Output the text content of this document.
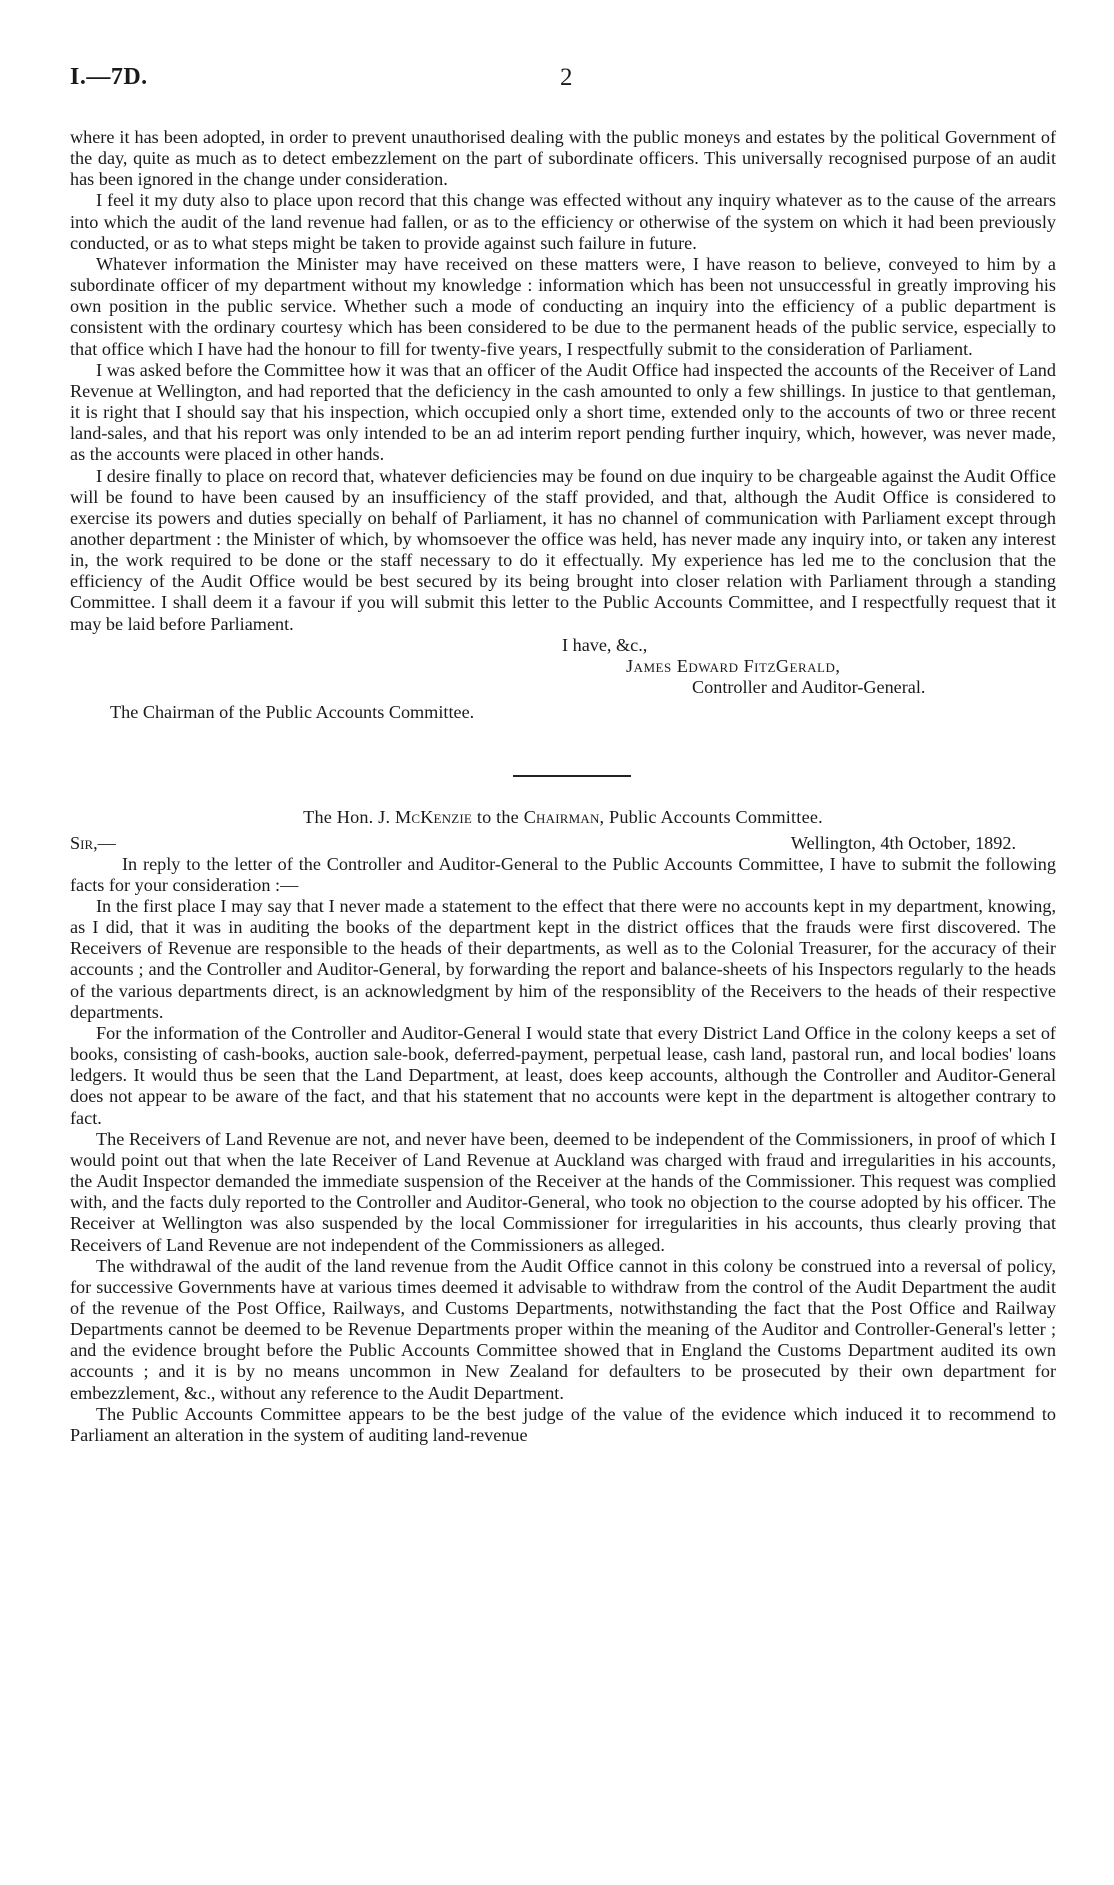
I.—7D.	2

where it has been adopted, in order to prevent unauthorised dealing with the public moneys and estates by the political Government of the day, quite as much as to detect embezzlement on the part of subordinate officers. This universally recognised purpose of an audit has been ignored in the change under consideration.

I feel it my duty also to place upon record that this change was effected without any inquiry whatever as to the cause of the arrears into which the audit of the land revenue had fallen, or as to the efficiency or otherwise of the system on which it had been previously conducted, or as to what steps might be taken to provide against such failure in future.

Whatever information the Minister may have received on these matters were, I have reason to believe, conveyed to him by a subordinate officer of my department without my knowledge : information which has been not unsuccessful in greatly improving his own position in the public service. Whether such a mode of conducting an inquiry into the efficiency of a public department is consistent with the ordinary courtesy which has been considered to be due to the permanent heads of the public service, especially to that office which I have had the honour to fill for twenty-five years, I respectfully submit to the consideration of Parliament.

I was asked before the Committee how it was that an officer of the Audit Office had inspected the accounts of the Receiver of Land Revenue at Wellington, and had reported that the deficiency in the cash amounted to only a few shillings. In justice to that gentleman, it is right that I should say that his inspection, which occupied only a short time, extended only to the accounts of two or three recent land-sales, and that his report was only intended to be an ad interim report pending further inquiry, which, however, was never made, as the accounts were placed in other hands.

I desire finally to place on record that, whatever deficiencies may be found on due inquiry to be chargeable against the Audit Office will be found to have been caused by an insufficiency of the staff provided, and that, although the Audit Office is considered to exercise its powers and duties specially on behalf of Parliament, it has no channel of communication with Parliament except through another department : the Minister of which, by whomsoever the office was held, has never made any inquiry into, or taken any interest in, the work required to be done or the staff necessary to do it effectually. My experience has led me to the conclusion that the efficiency of the Audit Office would be best secured by its being brought into closer relation with Parliament through a standing Committee. I shall deem it a favour if you will submit this letter to the Public Accounts Committee, and I respectfully request that it may be laid before Parliament.

I have, &c.,

James Edward FitzGerald,

Controller and Auditor-General.

The Chairman of the Public Accounts Committee.

The Hon. J. McKenzie to the Chairman, Public Accounts Committee.

Sir,—	Wellington, 4th October, 1892.

In reply to the letter of the Controller and Auditor-General to the Public Accounts Committee, I have to submit the following facts for your consideration :—

In the first place I may say that I never made a statement to the effect that there were no accounts kept in my department, knowing, as I did, that it was in auditing the books of the department kept in the district offices that the frauds were first discovered. The Receivers of Revenue are responsible to the heads of their departments, as well as to the Colonial Treasurer, for the accuracy of their accounts ; and the Controller and Auditor-General, by forwarding the report and balance-sheets of his Inspectors regularly to the heads of the various departments direct, is an acknowledgment by him of the responsiblity of the Receivers to the heads of their respective departments.

For the information of the Controller and Auditor-General I would state that every District Land Office in the colony keeps a set of books, consisting of cash-books, auction sale-book, deferred-payment, perpetual lease, cash land, pastoral run, and local bodies' loans ledgers. It would thus be seen that the Land Department, at least, does keep accounts, although the Controller and Auditor-General does not appear to be aware of the fact, and that his statement that no accounts were kept in the department is altogether contrary to fact.

The Receivers of Land Revenue are not, and never have been, deemed to be independent of the Commissioners, in proof of which I would point out that when the late Receiver of Land Revenue at Auckland was charged with fraud and irregularities in his accounts, the Audit Inspector demanded the immediate suspension of the Receiver at the hands of the Commissioner. This request was complied with, and the facts duly reported to the Controller and Auditor-General, who took no objection to the course adopted by his officer. The Receiver at Wellington was also suspended by the local Commissioner for irregularities in his accounts, thus clearly proving that Receivers of Land Revenue are not independent of the Commissioners as alleged.

The withdrawal of the audit of the land revenue from the Audit Office cannot in this colony be construed into a reversal of policy, for successive Governments have at various times deemed it advisable to withdraw from the control of the Audit Department the audit of the revenue of the Post Office, Railways, and Customs Departments, notwithstanding the fact that the Post Office and Railway Departments cannot be deemed to be Revenue Departments proper within the meaning of the Auditor and Controller-General's letter ; and the evidence brought before the Public Accounts Committee showed that in England the Customs Department audited its own accounts ; and it is by no means uncommon in New Zealand for defaulters to be prosecuted by their own department for embezzlement, &c., without any reference to the Audit Department.

The Public Accounts Committee appears to be the best judge of the value of the evidence which induced it to recommend to Parliament an alteration in the system of auditing land-revenue
